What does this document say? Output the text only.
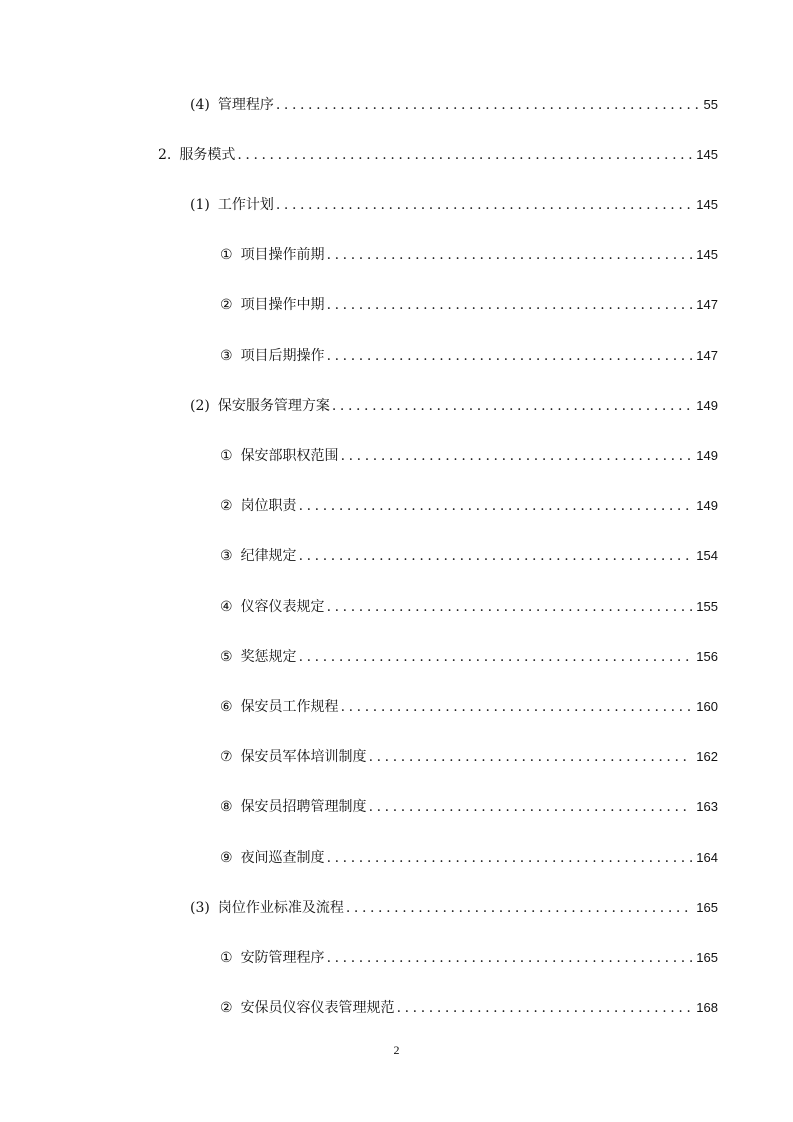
(4) 管理程序 .....	55
2. 服务模式 .....	145
(1) 工作计划 .....	145
① 项目操作前期 .....	145
② 项目操作中期 .....	147
③ 项目后期操作 .....	147
(2) 保安服务管理方案 .....	149
① 保安部职权范围 .....	149
② 岗位职责 .....	149
③ 纪律规定 .....	154
④ 仪容仪表规定 .....	155
⑤ 奖惩规定 .....	156
⑥ 保安员工作规程 .....	160
⑦ 保安员军体培训制度 .....	162
⑧ 保安员招聘管理制度 .....	163
⑨ 夜间巡查制度 .....	164
(3) 岗位作业标准及流程 .....	165
① 安防管理程序 .....	165
② 安保员仪容仪表管理规范 .....	168
2
